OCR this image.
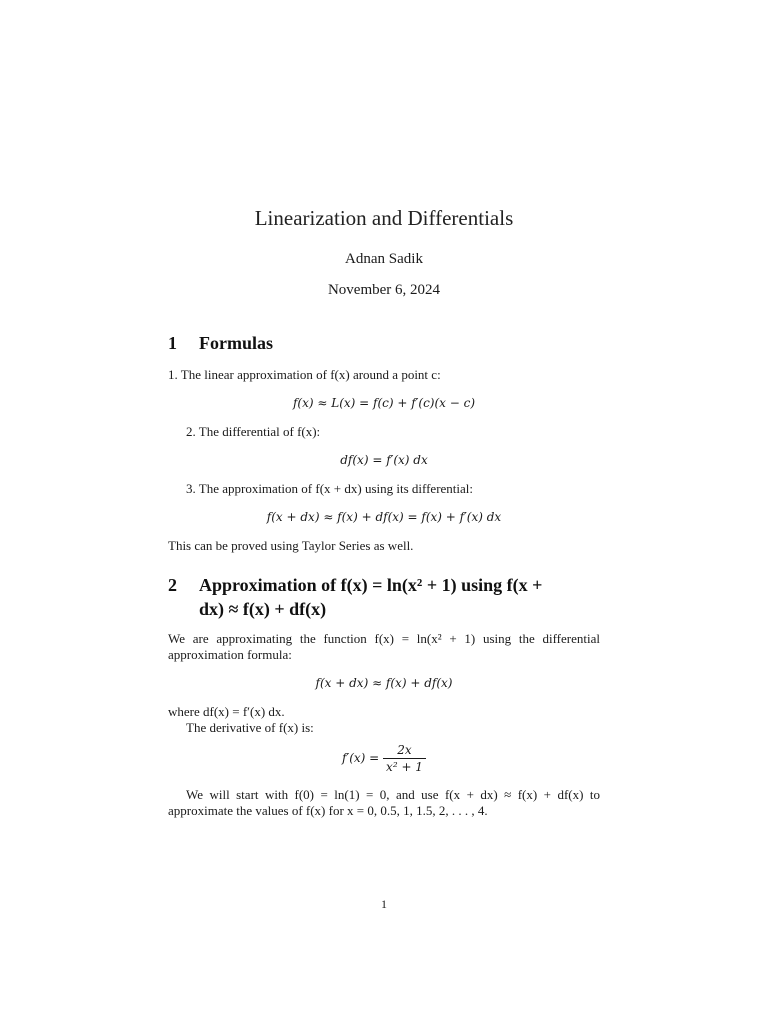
Linearization and Differentials
Adnan Sadik
November 6, 2024
1 Formulas
1. The linear approximation of f(x) around a point c:
f(x) ≈ L(x) = f(c) + f′(c)(x − c)
2. The differential of f(x):
df(x) = f′(x) dx
3. The approximation of f(x + dx) using its differential:
f(x + dx) ≈ f(x) + df(x) = f(x) + f′(x) dx
This can be proved using Taylor Series as well.
2 Approximation of f(x) = ln(x² + 1) using f(x +
dx) ≈ f(x) + df(x)
We are approximating the function f(x) = ln(x² + 1) using the differential approximation formula:
f(x + dx) ≈ f(x) + df(x)
where df(x) = f′(x) dx.
The derivative of f(x) is:
$f'(x) = \frac{2x}{\text{x² + 1}}$
We will start with f(0) = ln(1) = 0, and use f(x + dx) ≈ f(x) + df(x) to approximate the values of f(x) for x = 0, 0.5, 1, 1.5, 2, . . . , 4.
1
